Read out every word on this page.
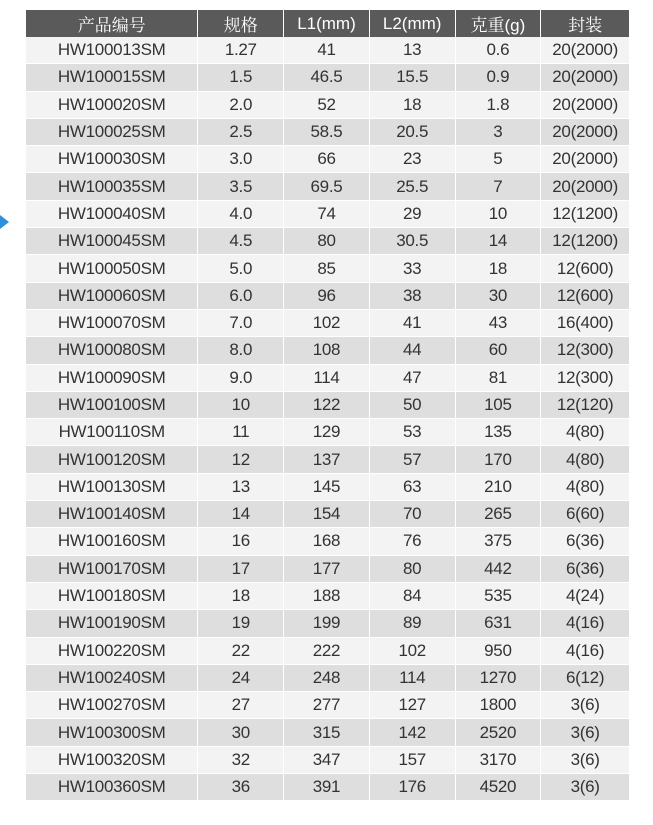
产品编号	规格	L1(mm)	L2(mm)	克重(g)	封装
HW100013SM	1.27	41	13	0.6	20(2000)
HW100015SM	1.5	46.5	15.5	0.9	20(2000)
HW100020SM	2.0	52	18	1.8	20(2000)
HW100025SM	2.5	58.5	20.5	3	20(2000)
HW100030SM	3.0	66	23	5	20(2000)
HW100035SM	3.5	69.5	25.5	7	20(2000)
HW100040SM	4.0	74	29	10	12(1200)
HW100045SM	4.5	80	30.5	14	12(1200)
HW100050SM	5.0	85	33	18	12(600)
HW100060SM	6.0	96	38	30	12(600)
HW100070SM	7.0	102	41	43	16(400)
HW100080SM	8.0	108	44	60	12(300)
HW100090SM	9.0	114	47	81	12(300)
HW100100SM	10	122	50	105	12(120)
HW100110SM	11	129	53	135	4(80)
HW100120SM	12	137	57	170	4(80)
HW100130SM	13	145	63	210	4(80)
HW100140SM	14	154	70	265	6(60)
HW100160SM	16	168	76	375	6(36)
HW100170SM	17	177	80	442	6(36)
HW100180SM	18	188	84	535	4(24)
HW100190SM	19	199	89	631	4(16)
HW100220SM	22	222	102	950	4(16)
HW100240SM	24	248	114	1270	6(12)
HW100270SM	27	277	127	1800	3(6)
HW100300SM	30	315	142	2520	3(6)
HW100320SM	32	347	157	3170	3(6)
HW100360SM	36	391	176	4520	3(6)
